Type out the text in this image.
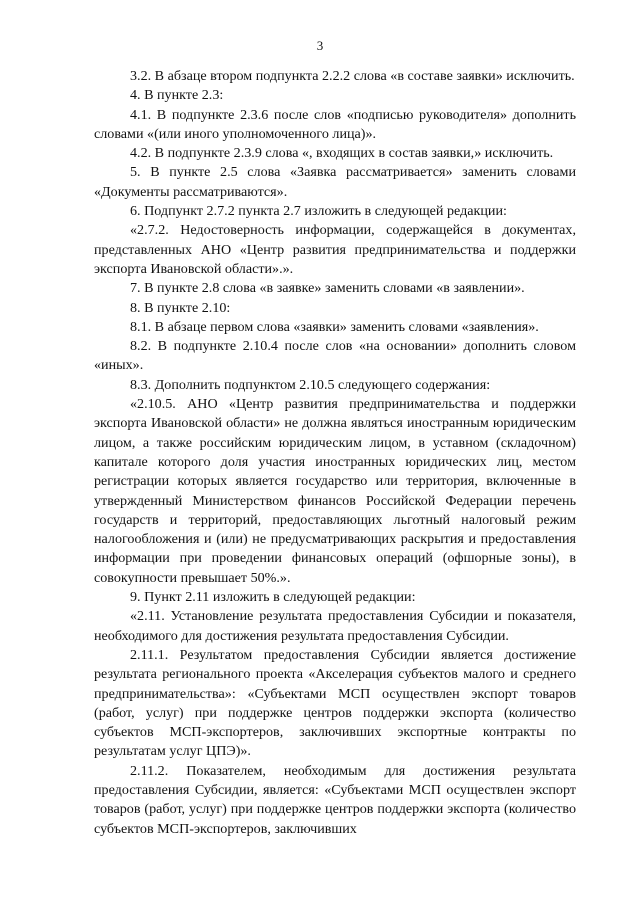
3

3.2. В абзаце втором подпункта 2.2.2 слова «в составе заявки» исключить.

4. В пункте 2.3:

4.1. В подпункте 2.3.6 после слов «подписью руководителя» дополнить словами «(или иного уполномоченного лица)».

4.2. В подпункте 2.3.9 слова «, входящих в состав заявки,» исключить.

5. В пункте 2.5 слова «Заявка рассматривается» заменить словами «Документы рассматриваются».

6. Подпункт 2.7.2 пункта 2.7 изложить в следующей редакции:

«2.7.2. Недостоверность информации, содержащейся в документах, представленных АНО «Центр развития предпринимательства и поддержки экспорта Ивановской области».».

7. В пункте 2.8 слова «в заявке» заменить словами «в заявлении».

8. В пункте 2.10:

8.1. В абзаце первом слова «заявки» заменить словами «заявления».

8.2. В подпункте 2.10.4 после слов «на основании» дополнить словом «иных».

8.3. Дополнить подпунктом 2.10.5 следующего содержания:

«2.10.5. АНО «Центр развития предпринимательства и поддержки экспорта Ивановской области» не должна являться иностранным юридическим лицом, а также российским юридическим лицом, в уставном (складочном) капитале которого доля участия иностранных юридических лиц, местом регистрации которых является государство или территория, включенные в утвержденный Министерством финансов Российской Федерации перечень государств и территорий, предоставляющих льготный налоговый режим налогообложения и (или) не предусматривающих раскрытия и предоставления информации при проведении финансовых операций (офшорные зоны), в совокупности превышает 50%.».

9. Пункт 2.11 изложить в следующей редакции:

«2.11. Установление результата предоставления Субсидии и показателя, необходимого для достижения результата предоставления Субсидии.

2.11.1. Результатом предоставления Субсидии является достижение результата регионального проекта «Акселерация субъектов малого и среднего предпринимательства»: «Субъектами МСП осуществлен экспорт товаров (работ, услуг) при поддержке центров поддержки экспорта (количество субъектов МСП-экспортеров, заключивших экспортные контракты по результатам услуг ЦПЭ)».

2.11.2. Показателем, необходимым для достижения результата предоставления Субсидии, является: «Субъектами МСП осуществлен экспорт товаров (работ, услуг) при поддержке центров поддержки экспорта (количество субъектов МСП-экспортеров, заключивших
